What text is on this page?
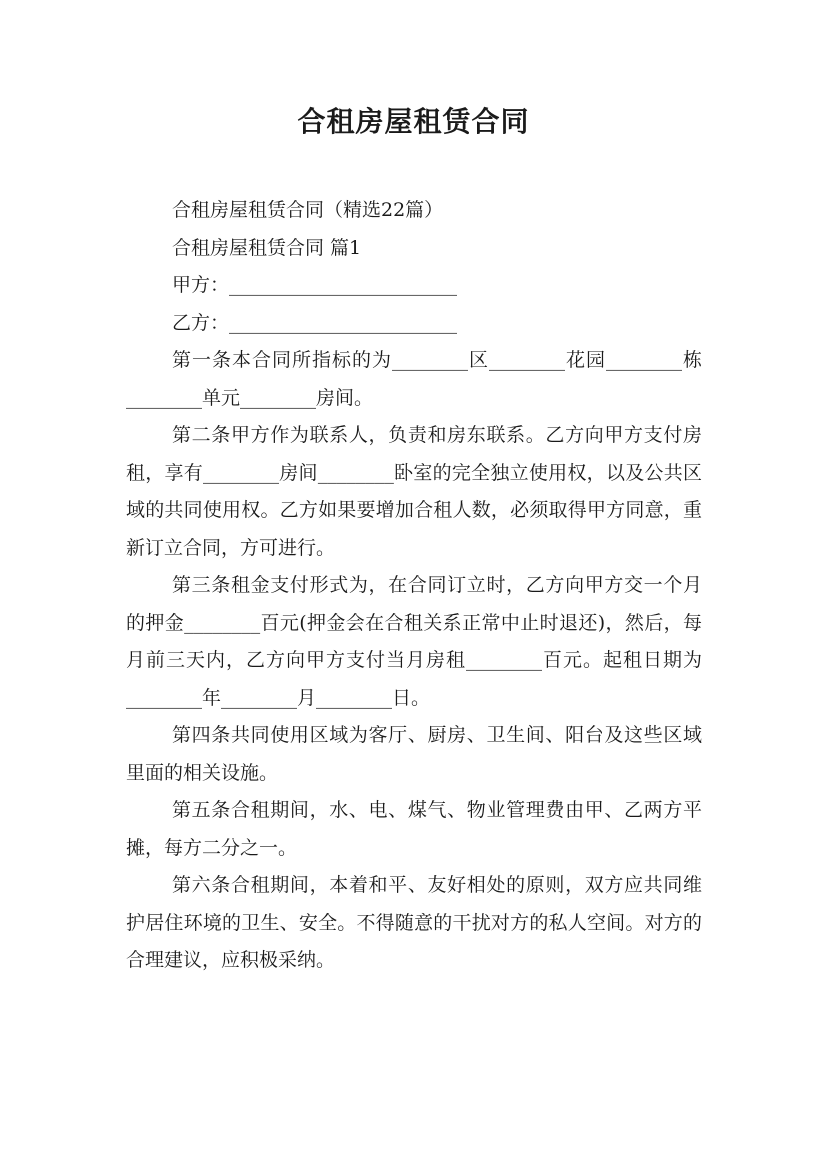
合租房屋租赁合同

合租房屋租赁合同（精选22篇）

合租房屋租赁合同 篇1

甲方：________________________

乙方：________________________

第一条本合同所指标的为________区________花园________栋________单元________房间。

第二条甲方作为联系人，负责和房东联系。乙方向甲方支付房租，享有________房间________卧室的完全独立使用权，以及公共区域的共同使用权。乙方如果要增加合租人数，必须取得甲方同意，重新订立合同，方可进行。

第三条租金支付形式为，在合同订立时，乙方向甲方交一个月的押金________百元(押金会在合租关系正常中止时退还)，然后，每月前三天内，乙方向甲方支付当月房租________百元。起租日期为________年________月________日。

第四条共同使用区域为客厅、厨房、卫生间、阳台及这些区域里面的相关设施。

第五条合租期间，水、电、煤气、物业管理费由甲、乙两方平摊，每方二分之一。

第六条合租期间，本着和平、友好相处的原则，双方应共同维护居住环境的卫生、安全。不得随意的干扰对方的私人空间。对方的合理建议，应积极采纳。
